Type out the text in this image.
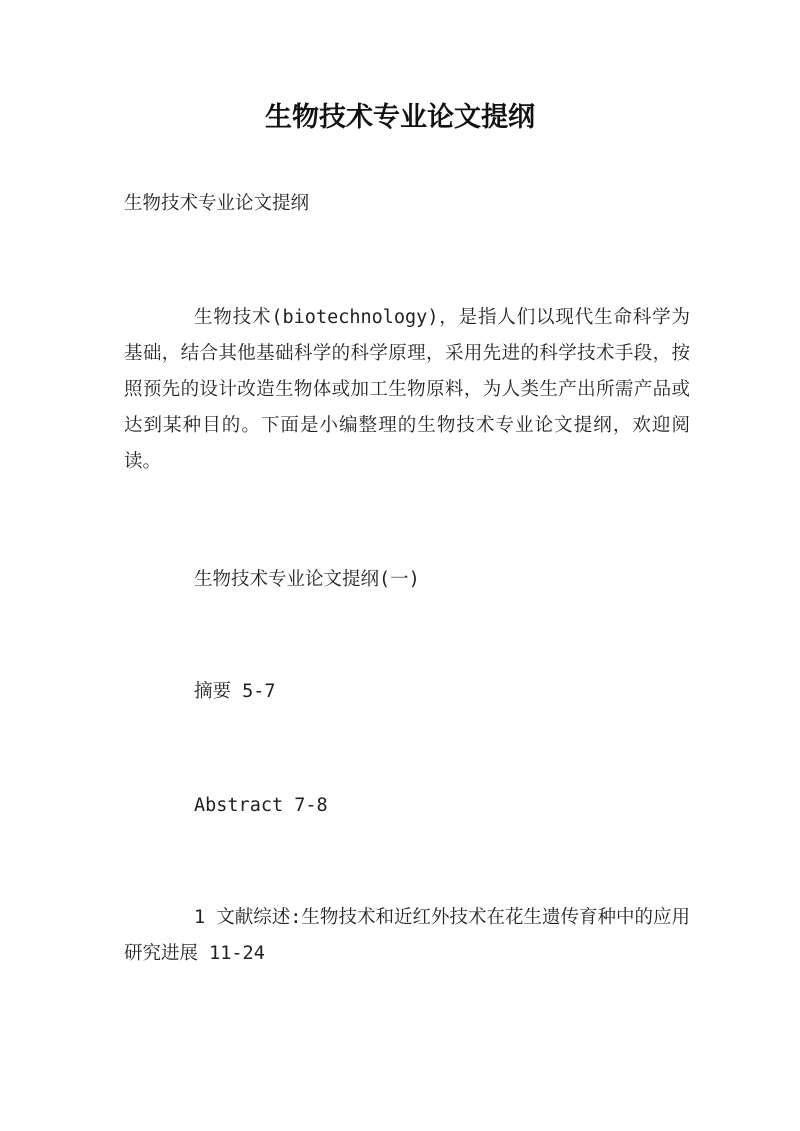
生物技术专业论文提纲

生物技术专业论文提纲

生物技术(biotechnology)，是指人们以现代生命科学为基础，结合其他基础科学的科学原理，采用先进的科学技术手段，按照预先的设计改造生物体或加工生物原料，为人类生产出所需产品或达到某种目的。下面是小编整理的生物技术专业论文提纲，欢迎阅读。

生物技术专业论文提纲(一)

摘要 5-7

Abstract 7-8

1 文献综述:生物技术和近红外技术在花生遗传育种中的应用研究进展 11-24
